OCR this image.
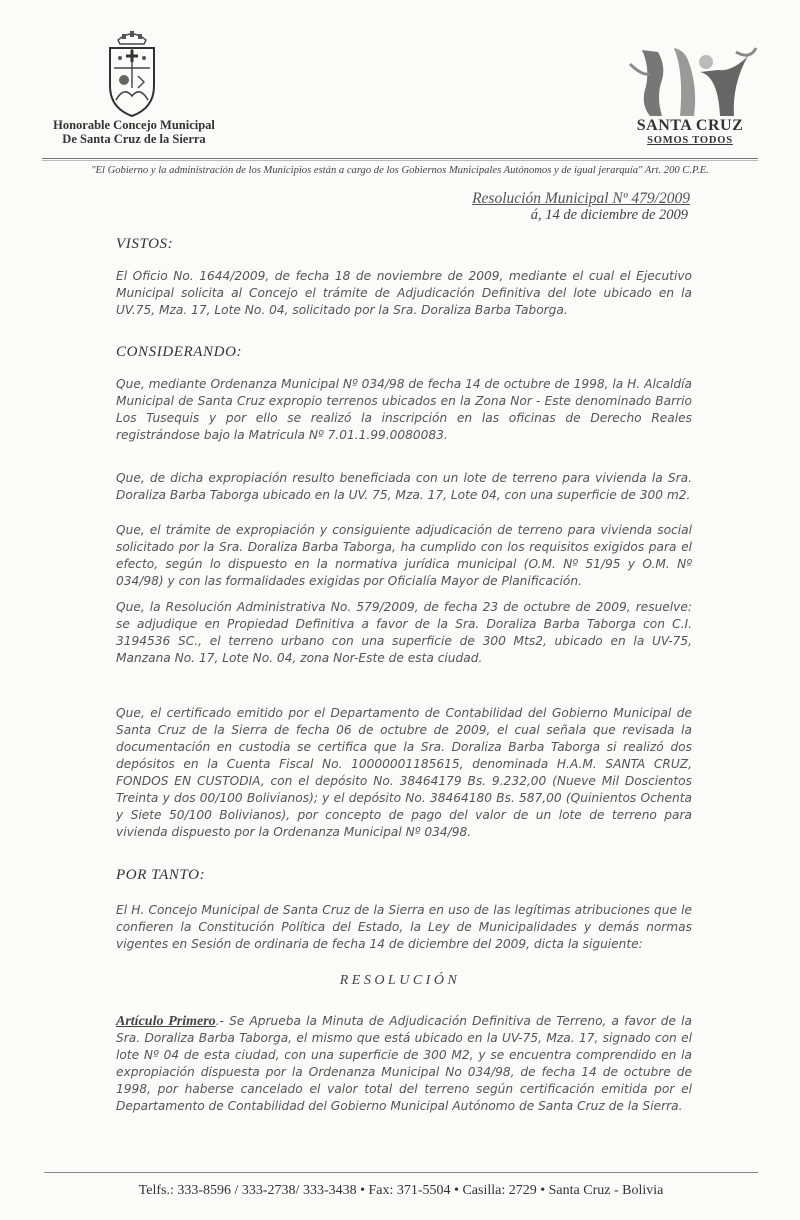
Honorable Concejo Municipal
De Santa Cruz de la Sierra
SANTA CRUZ
SOMOS TODOS
"El Gobierno y la administración de los Municipios están a cargo de los Gobiernos Municipales Autónomos y de igual jerarquía" Art. 200 C.P.E.
Resolución Municipal Nº 479/2009
á, 14 de diciembre de 2009
VISTOS:
El Oficio No. 1644/2009, de fecha 18 de noviembre de 2009, mediante el cual el Ejecutivo Municipal solicita al Concejo el trámite de Adjudicación Definitiva del lote ubicado en la UV.75, Mza. 17, Lote No. 04, solicitado por la Sra. Doraliza Barba Taborga.
CONSIDERANDO:
Que, mediante Ordenanza Municipal Nº 034/98 de fecha 14 de octubre de 1998, la H. Alcaldía Municipal de Santa Cruz expropio terrenos ubicados en la Zona Nor - Este denominado Barrio Los Tusequis y por ello se realizó la inscripción en las oficinas de Derecho Reales registrándose bajo la Matricula Nº 7.01.1.99.0080083.
Que, de dicha expropiación resulto beneficiada con un lote de terreno para vivienda la Sra. Doraliza Barba Taborga ubicado en la UV. 75, Mza. 17, Lote 04, con una superficie de 300 m2.
Que, el trámite de expropiación y consiguiente adjudicación de terreno para vivienda social solicitado por la Sra. Doraliza Barba Taborga, ha cumplido con los requisitos exigidos para el efecto, según lo dispuesto en la normativa jurídica municipal (O.M. Nº 51/95 y O.M. Nº 034/98) y con las formalidades exigidas por Oficialía Mayor de Planificación.
Que, la Resolución Administrativa No. 579/2009, de fecha 23 de octubre de 2009, resuelve: se adjudique en Propiedad Definitiva a favor de la Sra. Doraliza Barba Taborga con C.I. 3194536 SC., el terreno urbano con una superficie de 300 Mts2, ubicado en la UV-75, Manzana No. 17, Lote No. 04, zona Nor-Este de esta ciudad.
Que, el certificado emitido por el Departamento de Contabilidad del Gobierno Municipal de Santa Cruz de la Sierra de fecha 06 de octubre de 2009, el cual señala que revisada la documentación en custodia se certifica que la Sra. Doraliza Barba Taborga si realizó dos depósitos en la Cuenta Fiscal No. 10000001185615, denominada H.A.M. SANTA CRUZ, FONDOS EN CUSTODIA, con el depósito No. 38464179 Bs. 9.232,00 (Nueve Mil Doscientos Treinta y dos 00/100 Bolivianos); y el depósito No. 38464180 Bs. 587,00 (Quinientos Ochenta y Siete 50/100 Bolivianos), por concepto de pago del valor de un lote de terreno para vivienda dispuesto por la Ordenanza Municipal Nº 034/98.
POR TANTO:
El H. Concejo Municipal de Santa Cruz de la Sierra en uso de las legítimas atribuciones que le confieren la Constitución Política del Estado, la Ley de Municipalidades y demás normas vigentes en Sesión de ordinaria de fecha 14 de diciembre del 2009, dicta la siguiente:
RESOLUCIÓN
Artículo Primero.- Se Aprueba la Minuta de Adjudicación Definitiva de Terreno, a favor de la Sra. Doraliza Barba Taborga, el mismo que está ubicado en la UV-75, Mza. 17, signado con el lote Nº 04 de esta ciudad, con una superficie de 300 M2, y se encuentra comprendido en la expropiación dispuesta por la Ordenanza Municipal No 034/98, de fecha 14 de octubre de 1998, por haberse cancelado el valor total del terreno según certificación emitida por el Departamento de Contabilidad del Gobierno Municipal Autónomo de Santa Cruz de la Sierra.
Telfs.: 333-8596 / 333-2738/ 333-3438 • Fax: 371-5504 • Casilla: 2729 • Santa Cruz - Bolivia
